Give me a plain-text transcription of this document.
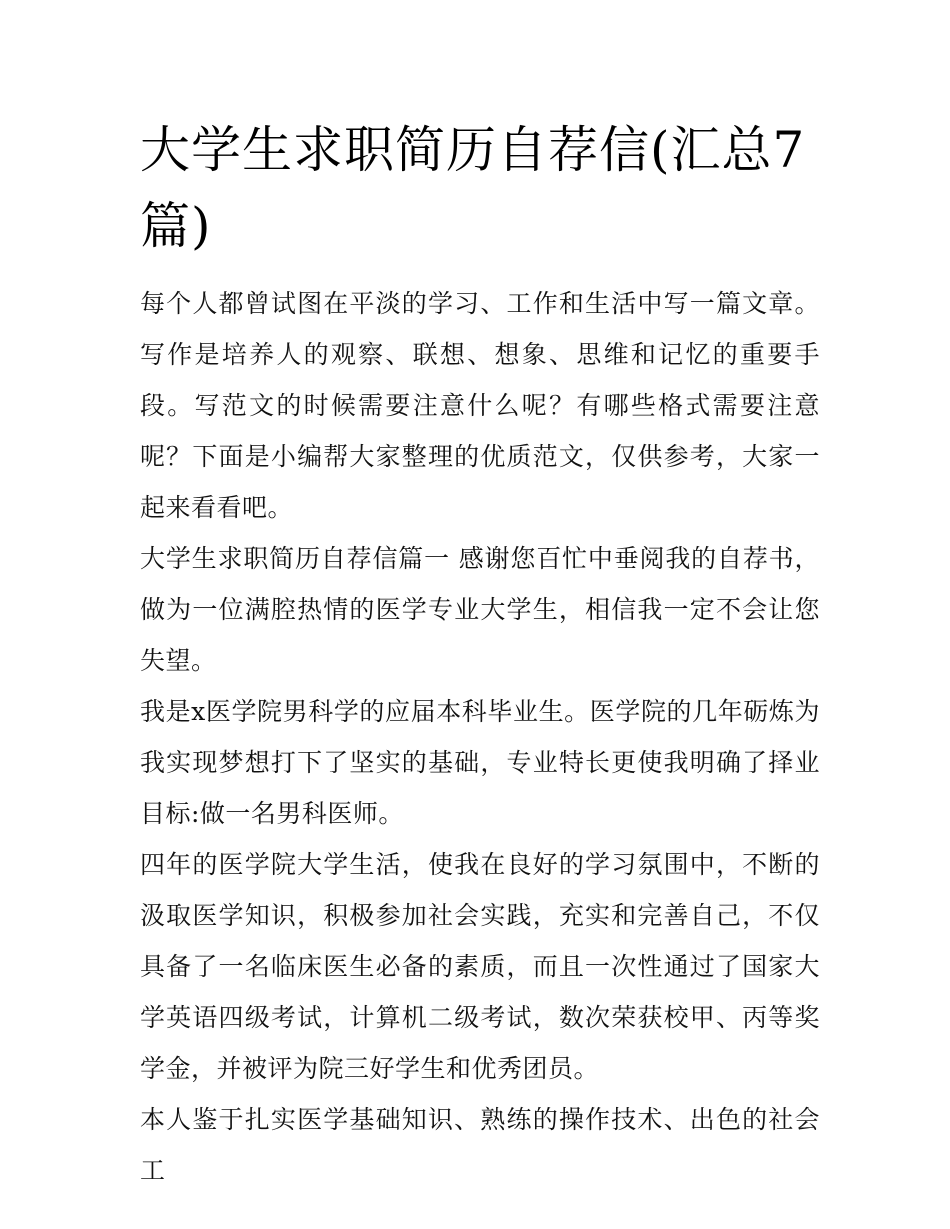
大学生求职简历自荐信(汇总7篇)

每个人都曾试图在平淡的学习、工作和生活中写一篇文章。写作是培养人的观察、联想、想象、思维和记忆的重要手段。写范文的时候需要注意什么呢？有哪些格式需要注意呢？下面是小编帮大家整理的优质范文，仅供参考，大家一起来看看吧。

大学生求职简历自荐信篇一 感谢您百忙中垂阅我的自荐书，做为一位满腔热情的医学专业大学生，相信我一定不会让您失望。

我是x医学院男科学的应届本科毕业生。医学院的几年砺炼为我实现梦想打下了坚实的基础，专业特长更使我明确了择业目标:做一名男科医师。

四年的医学院大学生活，使我在良好的学习氛围中，不断的汲取医学知识，积极参加社会实践，充实和完善自己，不仅具备了一名临床医生必备的素质，而且一次性通过了国家大学英语四级考试，计算机二级考试，数次荣获校甲、丙等奖学金，并被评为院三好学生和优秀团员。

本人鉴于扎实医学基础知识、熟练的操作技术、出色的社会工
